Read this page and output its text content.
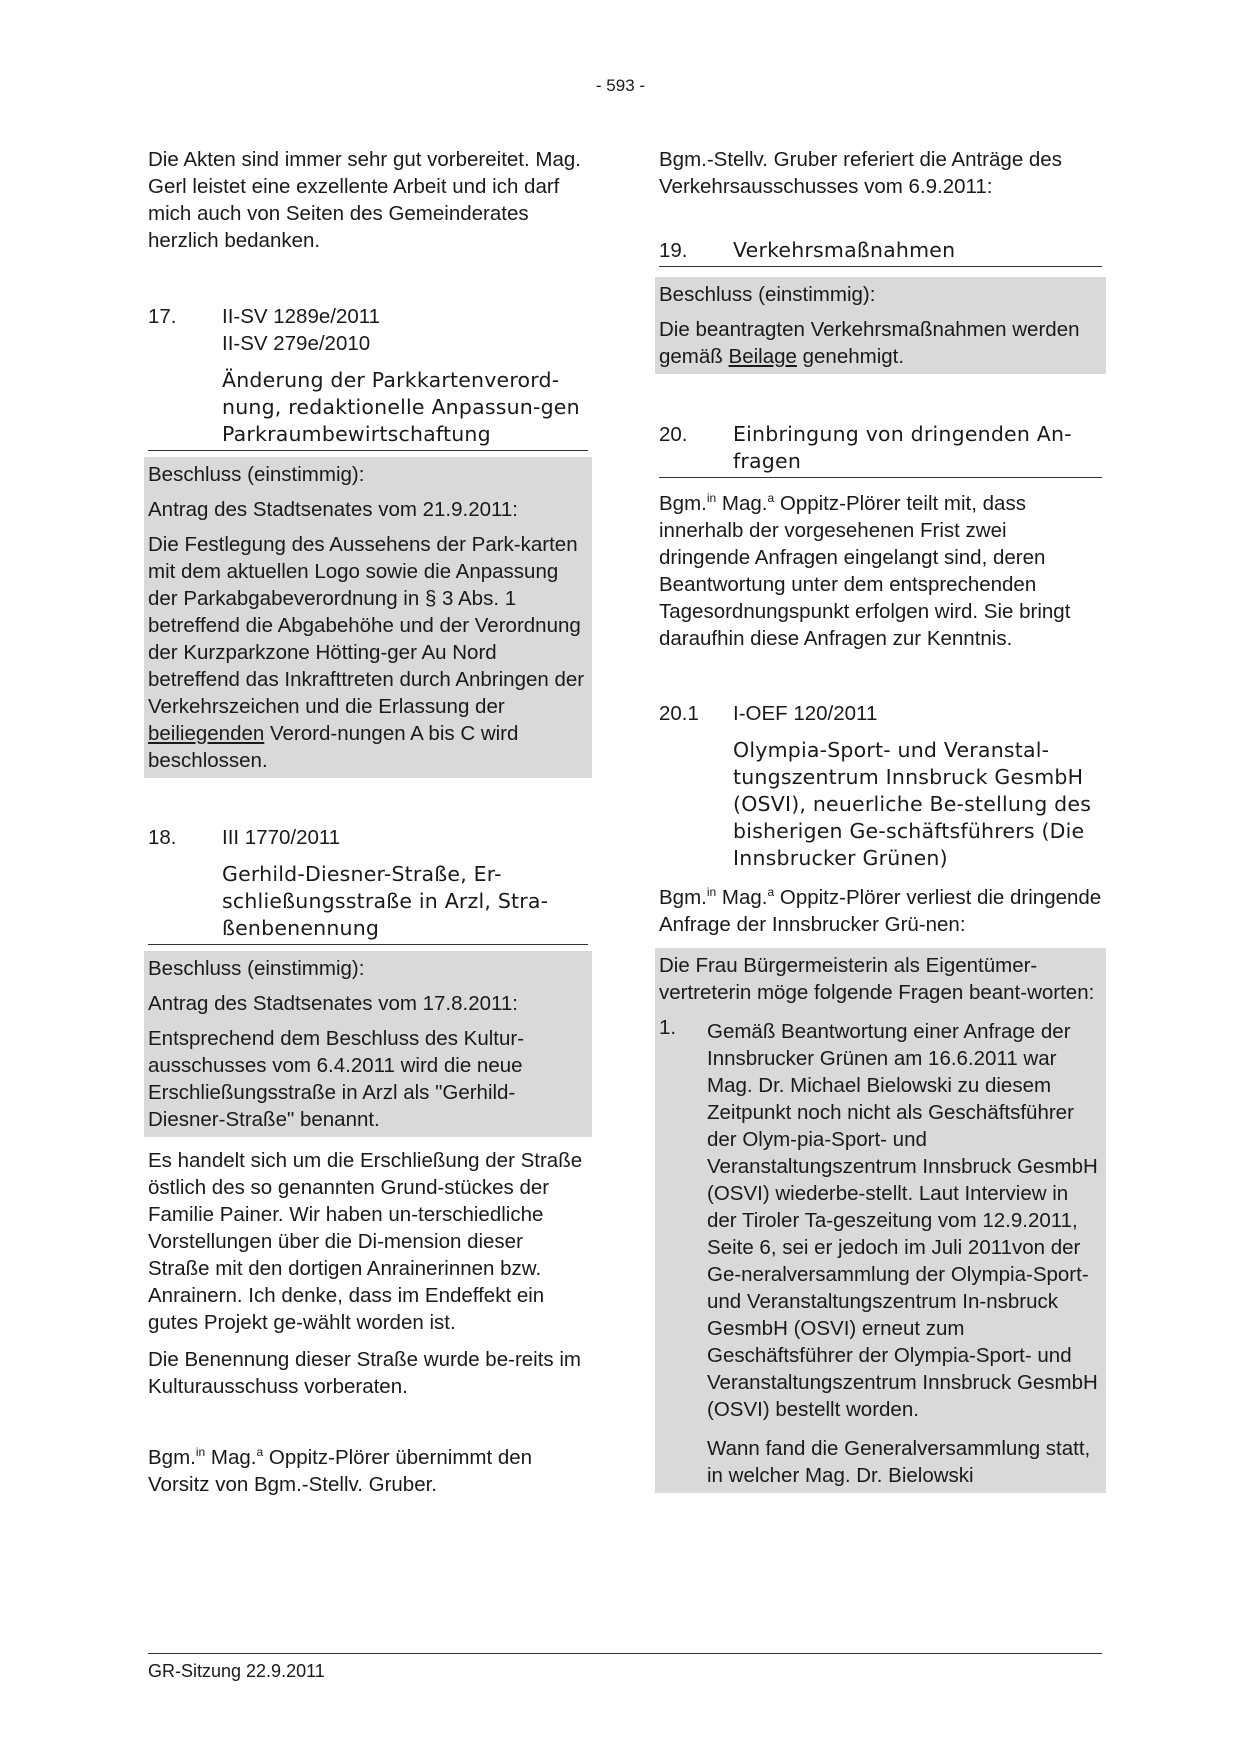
- 593 -

Die Akten sind immer sehr gut vorbereitet. Mag. Gerl leistet eine exzellente Arbeit und ich darf mich auch von Seiten des Gemeinderates herzlich bedanken.

17.	II-SV 1289e/2011
II-SV 279e/2010
Änderung der Parkkartenverord-nung, redaktionelle Anpassun-gen Parkraumbewirtschaftung

Beschluss (einstimmig):

Antrag des Stadtsenates vom 21.9.2011:

Die Festlegung des Aussehens der Park-karten mit dem aktuellen Logo sowie die Anpassung der Parkabgabeverordnung in § 3 Abs. 1 betreffend die Abgabehöhe und der Verordnung der Kurzparkzone Hötting-ger Au Nord betreffend das Inkrafttreten durch Anbringen der Verkehrszeichen und die Erlassung der beiliegenden Verord-nungen A bis C wird beschlossen.

18.	III 1770/2011
Gerhild-Diesner-Straße, Er-schließungsstraße in Arzl, Stra-ßenbenennung

Beschluss (einstimmig):

Antrag des Stadtsenates vom 17.8.2011:

Entsprechend dem Beschluss des Kultur-ausschusses vom 6.4.2011 wird die neue Erschließungsstraße in Arzl als "Gerhild-Diesner-Straße" benannt.

Es handelt sich um die Erschließung der Straße östlich des so genannten Grund-stückes der Familie Painer. Wir haben un-terschiedliche Vorstellungen über die Di-mension dieser Straße mit den dortigen Anrainerinnen bzw. Anrainern. Ich denke, dass im Endeffekt ein gutes Projekt ge-wählt worden ist.

Die Benennung dieser Straße wurde be-reits im Kulturausschuss vorberaten.

Bgm.$^{in}$ Mag.$^a$ Oppitz-Plörer übernimmt den Vorsitz von Bgm.-Stellv. Gruber.

Bgm.-Stellv. Gruber referiert die Anträge des Verkehrsausschusses vom 6.9.2011:

19.	Verkehrsmaßnahmen

Beschluss (einstimmig):

Die beantragten Verkehrsmaßnahmen werden gemäß Beilage genehmigt.

20.	Einbringung von dringenden An-fragen

Bgm.$^{in}$ Mag.$^a$ Oppitz-Plörer teilt mit, dass innerhalb der vorgesehenen Frist zwei dringende Anfragen eingelangt sind, deren Beantwortung unter dem entsprechenden Tagesordnungspunkt erfolgen wird. Sie bringt daraufhin diese Anfragen zur Kenntnis.

20.1	I-OEF 120/2011
Olympia-Sport- und Veranstal-tungszentrum Innsbruck GesmbH (OSVI), neuerliche Be-stellung des bisherigen Ge-schäftsführers (Die Innsbrucker Grünen)

Bgm.$^{in}$ Mag.$^a$ Oppitz-Plörer verliest die dringende Anfrage der Innsbrucker Grü-nen:

Die Frau Bürgermeisterin als Eigentümer-vertreterin möge folgende Fragen beant-worten:

1. Gemäß Beantwortung einer Anfrage der Innsbrucker Grünen am 16.6.2011 war Mag. Dr. Michael Bielowski zu diesem Zeitpunkt noch nicht als Geschäftsführer der Olym-pia-Sport- und Veranstaltungszentrum Innsbruck GesmbH (OSVI) wiederbe-stellt. Laut Interview in der Tiroler Ta-geszeitung vom 12.9.2011, Seite 6, sei er jedoch im Juli 2011von der Ge-neralversammlung der Olympia-Sport- und Veranstaltungszentrum In-nsbruck GesmbH (OSVI) erneut zum Geschäftsführer der Olympia-Sport- und Veranstaltungszentrum Innsbruck GesmbH (OSVI) bestellt worden.

Wann fand die Generalversammlung statt, in welcher Mag. Dr. Bielowski

GR-Sitzung 22.9.2011
